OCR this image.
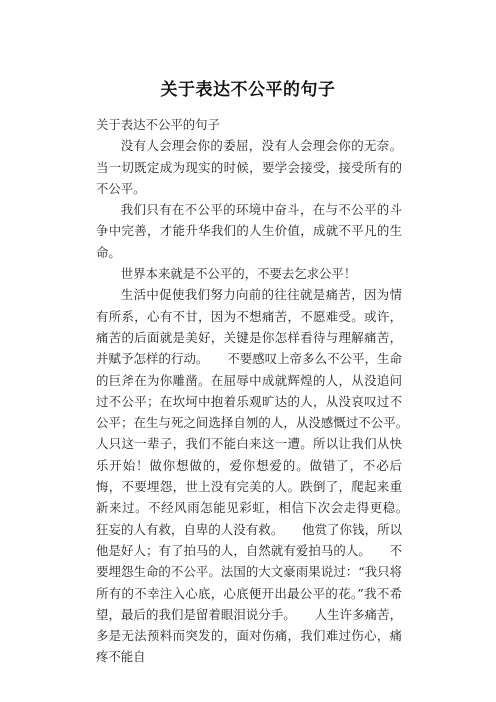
关于表达不公平的句子

关于表达不公平的句子

没有人会理会你的委屈，没有人会理会你的无奈。当一切既定成为现实的时候，要学会接受，接受所有的不公平。

我们只有在不公平的环境中奋斗，在与不公平的斗争中完善，才能升华我们的人生价值，成就不平凡的生命。

世界本来就是不公平的，不要去乞求公平！

生活中促使我们努力向前的往往就是痛苦，因为情有所系，心有不甘，因为不想痛苦，不愿难受。或许，痛苦的后面就是美好，关键是你怎样看待与理解痛苦，并赋予怎样的行动。　　不要感叹上帝多么不公平，生命的巨斧在为你雕凿。在屈辱中成就辉煌的人，从没追问过不公平；在坎坷中抱着乐观旷达的人，从没哀叹过不公平；在生与死之间选择自刎的人，从没感慨过不公平。　　人只这一辈子，我们不能白来这一遭。所以让我们从快乐开始！做你想做的，爱你想爱的。做错了，不必后悔，不要埋怨，世上没有完美的人。跌倒了，爬起来重新来过。不经风雨怎能见彩虹，相信下次会走得更稳。　　狂妄的人有救，自卑的人没有救。　　他赏了你钱，所以他是好人；有了拍马的人，自然就有爱拍马的人。　　不要埋怨生命的不公平。法国的大文豪雨果说过：“我只将所有的不幸注入心底，心底便开出最公平的花。”我不希望，最后的我们是留着眼泪说分手。　　人生许多痛苦，多是无法预料而突发的，面对伤痛，我们难过伤心，痛疼不能自
